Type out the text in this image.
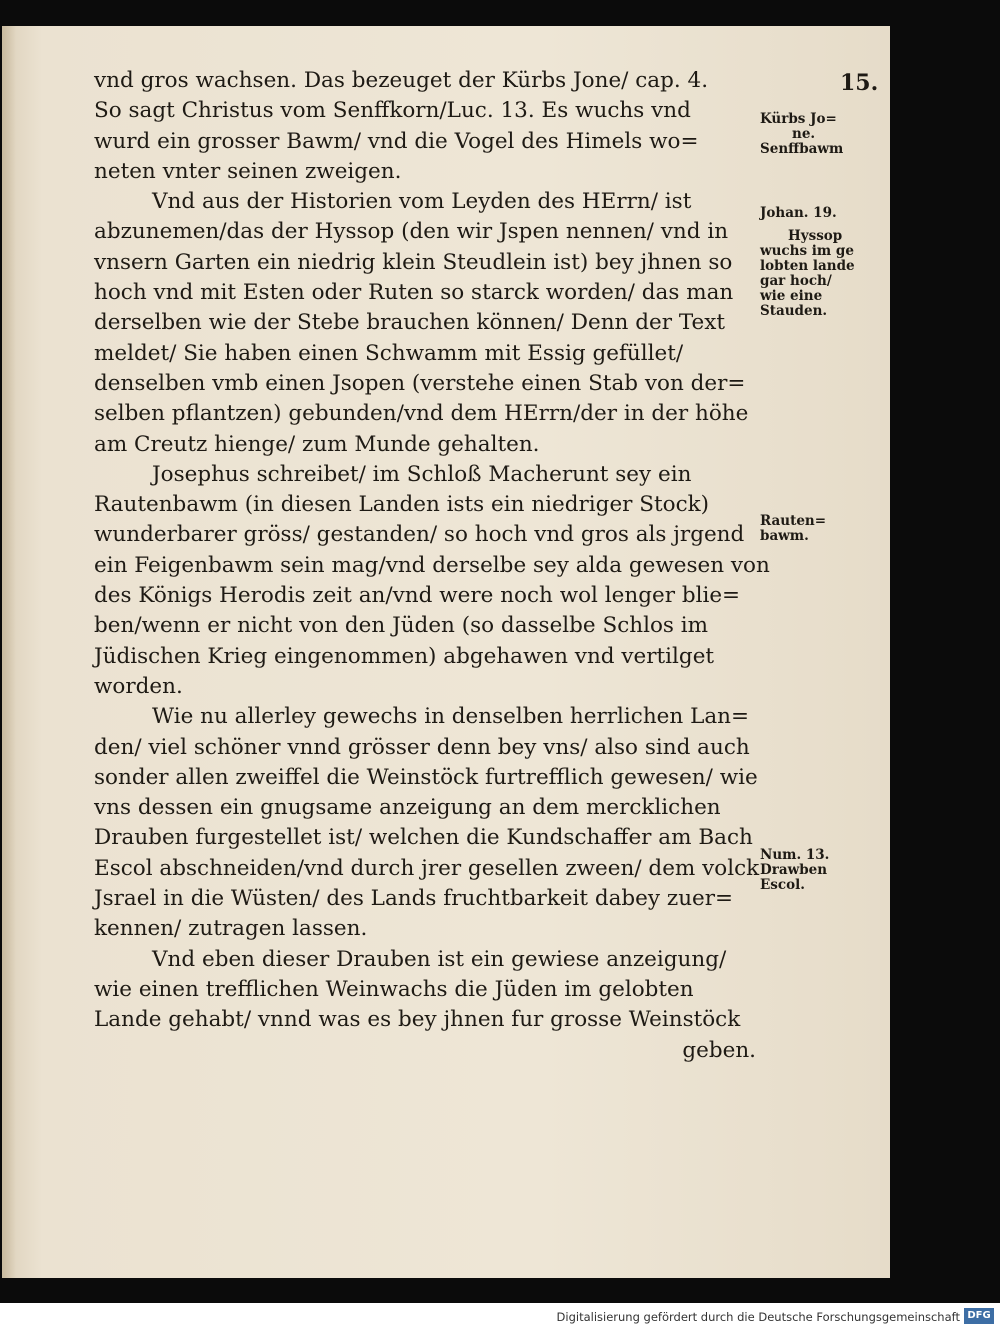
15.
vnd gros wachsen. Das bezeuget der Kürbs Jone/ cap. 4.
So sagt Christus vom Senffkorn/Luc. 13. Es wuchs vnd
wurd ein grosser Bawm/ vnd die Vogel des Himels wo=
neten vnter seinen zweigen.
Vnd aus der Historien vom Leyden des HErrn/ ist
abzunemen/das der Hyssop (den wir Jspen nennen/ vnd in
vnsern Garten ein niedrig klein Steudlein ist) bey jhnen so
hoch vnd mit Esten oder Ruten so starck worden/ das man
derselben wie der Stebe brauchen können/ Denn der Text
meldet/ Sie haben einen Schwamm mit Essig gefüllet/
denselben vmb einen Jsopen (verstehe einen Stab von der=
selben pflantzen) gebunden/vnd dem HErrn/der in der höhe
am Creutz hienge/ zum Munde gehalten.
Josephus schreibet/ im Schloß Macherunt sey ein
Rautenbawm (in diesen Landen ists ein niedriger Stock)
wunderbarer gröss/ gestanden/ so hoch vnd gros als jrgend
ein Feigenbawm sein mag/vnd derselbe sey alda gewesen von
des Königs Herodis zeit an/vnd were noch wol lenger blie=
ben/wenn er nicht von den Jüden (so dasselbe Schlos im
Jüdischen Krieg eingenommen) abgehawen vnd vertilget
worden.
Wie nu allerley gewechs in denselben herrlichen Lan=
den/ viel schöner vnnd grösser denn bey vns/ also sind auch
sonder allen zweiffel die Weinstöck furtrefflich gewesen/ wie
vns dessen ein gnugsame anzeigung an dem mercklichen
Drauben furgestellet ist/ welchen die Kundschaffer am Bach
Escol abschneiden/vnd durch jrer gesellen zween/ dem volck
Jsrael in die Wüsten/ des Lands fruchtbarkeit dabey zuer=
kennen/ zutragen lassen.
Vnd eben dieser Drauben ist ein gewiese anzeigung/
wie einen trefflichen Weinwachs die Jüden im gelobten
Lande gehabt/ vnnd was es bey jhnen fur grosse Weinstöck
geben.
Kürbs Jo=
ne.
Senffbawm
Johan. 19.
Hyssop
wuchs im ge
lobten lande
gar hoch/
wie eine
Stauden.
Rauten=
bawm.
Num. 13.
Drawben
Escol.
Digitalisierung gefördert durch die Deutsche Forschungsgemeinschaft DFG
